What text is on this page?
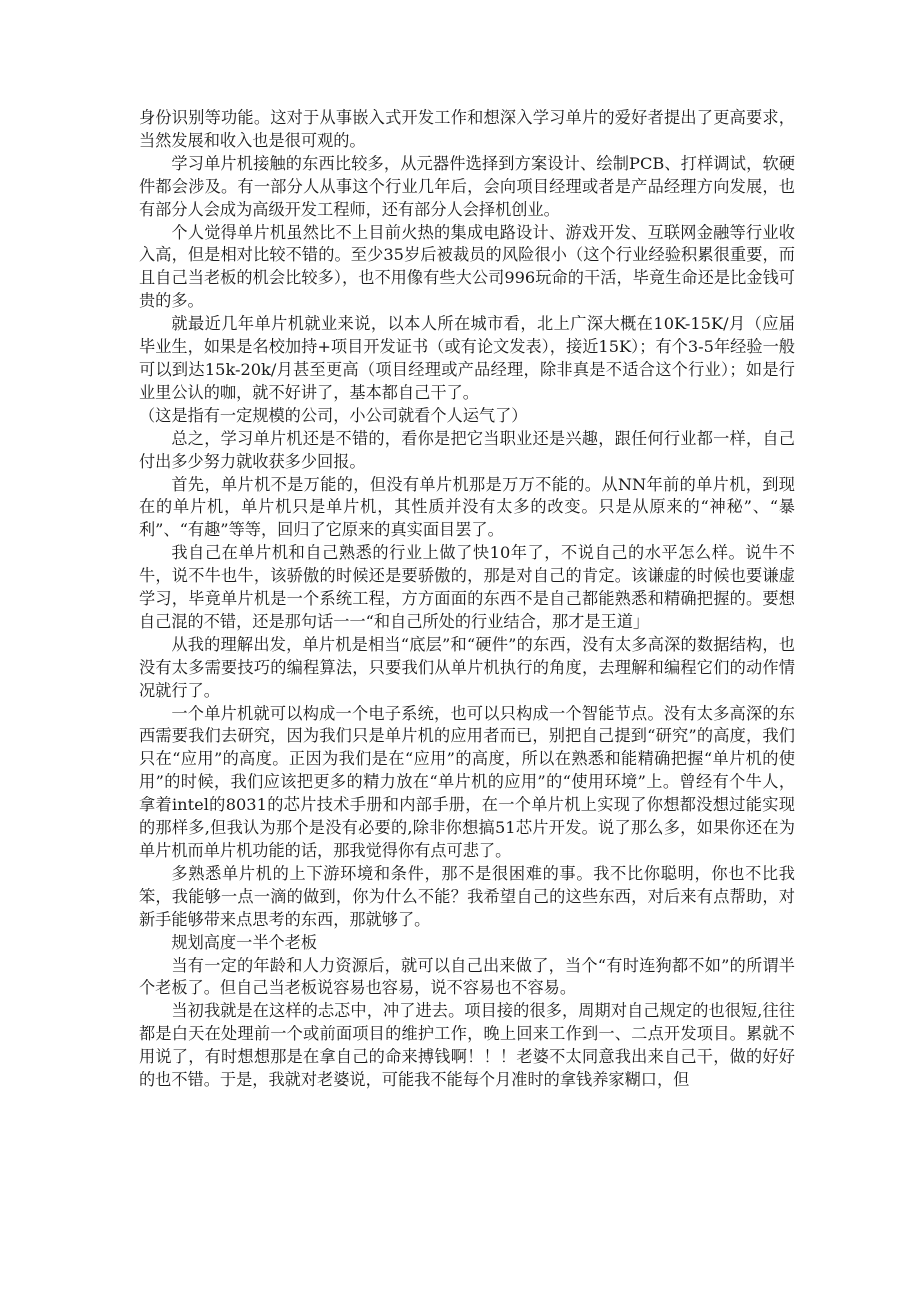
身份识别等功能。这对于从事嵌入式开发工作和想深入学习单片的爱好者提出了更高要求，当然发展和收入也是很可观的。

学习单片机接触的东西比较多，从元器件选择到方案设计、绘制PCB、打样调试，软硬件都会涉及。有一部分人从事这个行业几年后，会向项目经理或者是产品经理方向发展，也有部分人会成为高级开发工程师，还有部分人会择机创业。

个人觉得单片机虽然比不上目前火热的集成电路设计、游戏开发、互联网金融等行业收入高，但是相对比较不错的。至少35岁后被裁员的风险很小（这个行业经验积累很重要，而且自己当老板的机会比较多），也不用像有些大公司996玩命的干活，毕竟生命还是比金钱可贵的多。

就最近几年单片机就业来说，以本人所在城市看，北上广深大概在10K-15K/月（应届毕业生，如果是名校加持+项目开发证书（或有论文发表），接近15K）；有个3-5年经验一般可以到达15k-20k/月甚至更高（项目经理或产品经理，除非真是不适合这个行业）；如是行业里公认的咖，就不好讲了，基本都自己干了。

（这是指有一定规模的公司，小公司就看个人运气了）

总之，学习单片机还是不错的，看你是把它当职业还是兴趣，跟任何行业都一样，自己付出多少努力就收获多少回报。

首先，单片机不是万能的，但没有单片机那是万万不能的。从NN年前的单片机，到现在的单片机，单片机只是单片机，其性质并没有太多的改变。只是从原来的“神秘”、“暴利”、“有趣”等等，回归了它原来的真实面目罢了。

我自己在单片机和自己熟悉的行业上做了快10年了，不说自己的水平怎么样。说牛不牛，说不牛也牛，该骄傲的时候还是要骄傲的，那是对自己的肯定。该谦虚的时候也要谦虚学习，毕竟单片机是一个系统工程，方方面面的东西不是自己都能熟悉和精确把握的。要想自己混的不错，还是那句话一一“和自己所处的行业结合，那才是王道」

从我的理解出发，单片机是相当“底层”和“硬件”的东西，没有太多高深的数据结构，也没有太多需要技巧的编程算法，只要我们从单片机执行的角度，去理解和编程它们的动作情况就行了。

一个单片机就可以构成一个电子系统，也可以只构成一个智能节点。没有太多高深的东西需要我们去研究，因为我们只是单片机的应用者而已，别把自己提到“研究”的高度，我们只在“应用”的高度。正因为我们是在“应用”的高度，所以在熟悉和能精确把握“单片机的使用”的时候，我们应该把更多的精力放在“单片机的应用”的“使用环境”上。曾经有个牛人，拿着intel的8031的芯片技术手册和内部手册，在一个单片机上实现了你想都没想过能实现的那样多,但我认为那个是没有必要的,除非你想搞51芯片开发。说了那么多，如果你还在为单片机而单片机功能的话，那我觉得你有点可悲了。

多熟悉单片机的上下游环境和条件，那不是很困难的事。我不比你聪明，你也不比我笨，我能够一点一滴的做到，你为什么不能？我希望自己的这些东西，对后来有点帮助，对新手能够带来点思考的东西，那就够了。

规划高度一半个老板

当有一定的年龄和人力资源后，就可以自己出来做了，当个“有时连狗都不如”的所谓半个老板了。但自己当老板说容易也容易，说不容易也不容易。

当初我就是在这样的忐忑中，冲了进去。项目接的很多，周期对自己规定的也很短,往往都是白天在处理前一个或前面项目的维护工作，晚上回来工作到一、二点开发项目。累就不用说了，有时想想那是在拿自己的命来搏钱啊！！！老婆不太同意我出来自己干，做的好好的也不错。于是，我就对老婆说，可能我不能每个月准时的拿钱养家糊口，但
